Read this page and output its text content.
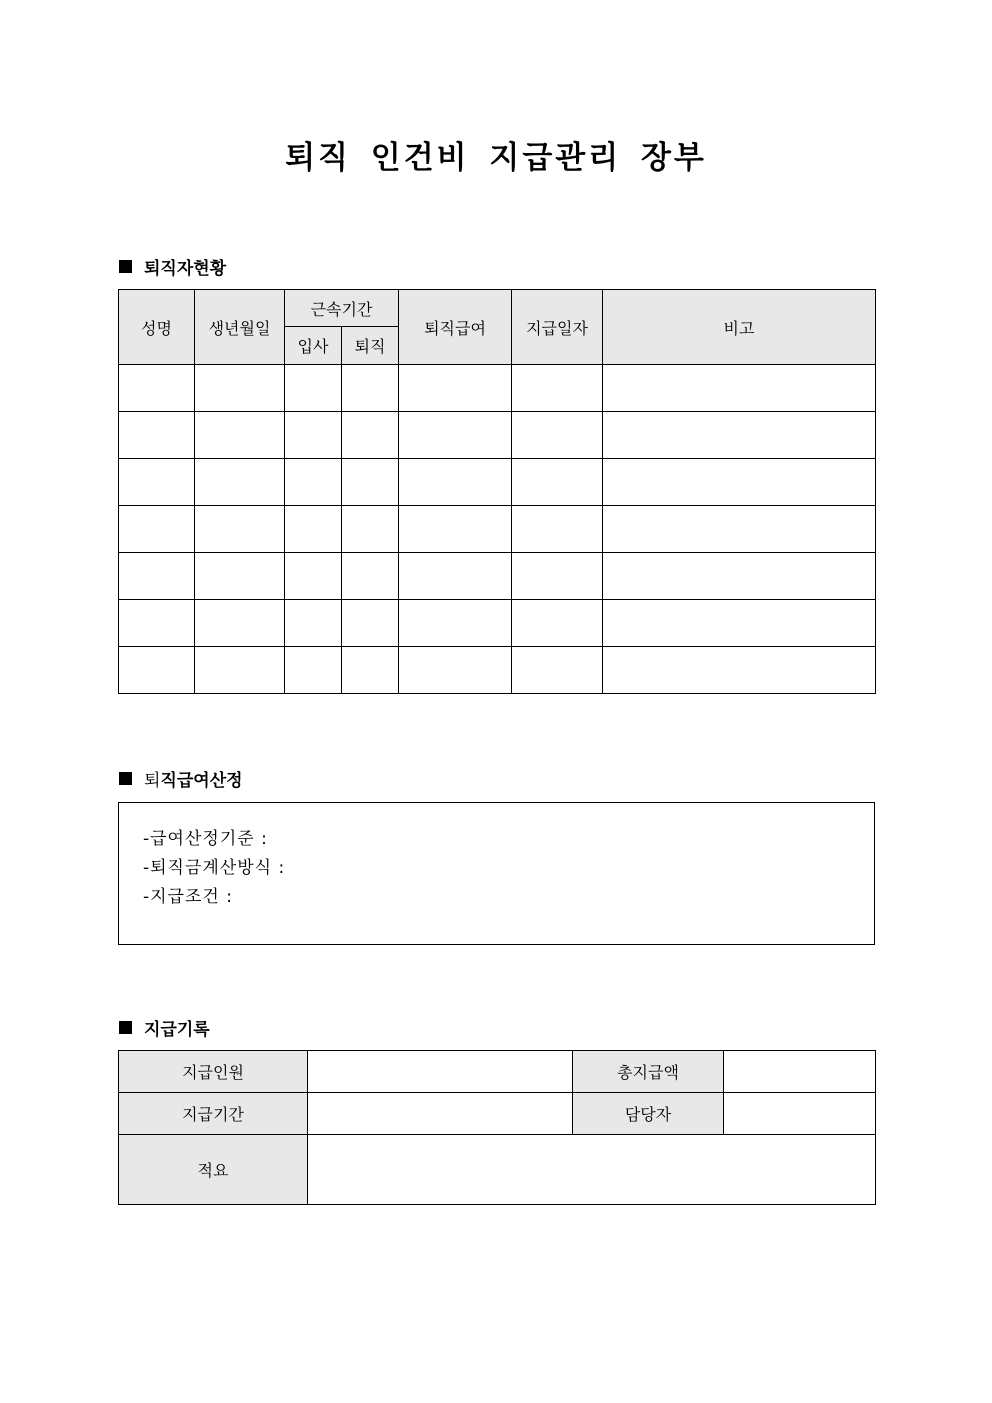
퇴직 인건비 지급관리 장부
퇴직자현황
성명	생년월일	근속기간		퇴직급여	지급일자	비고
		입사	퇴직			

퇴 직급여산정
-급여산정기준 :
-퇴직금계산방식 :
-지급조건 :
지급기록
지급인원		총지급액	
지급기간		담당자	
적요			
